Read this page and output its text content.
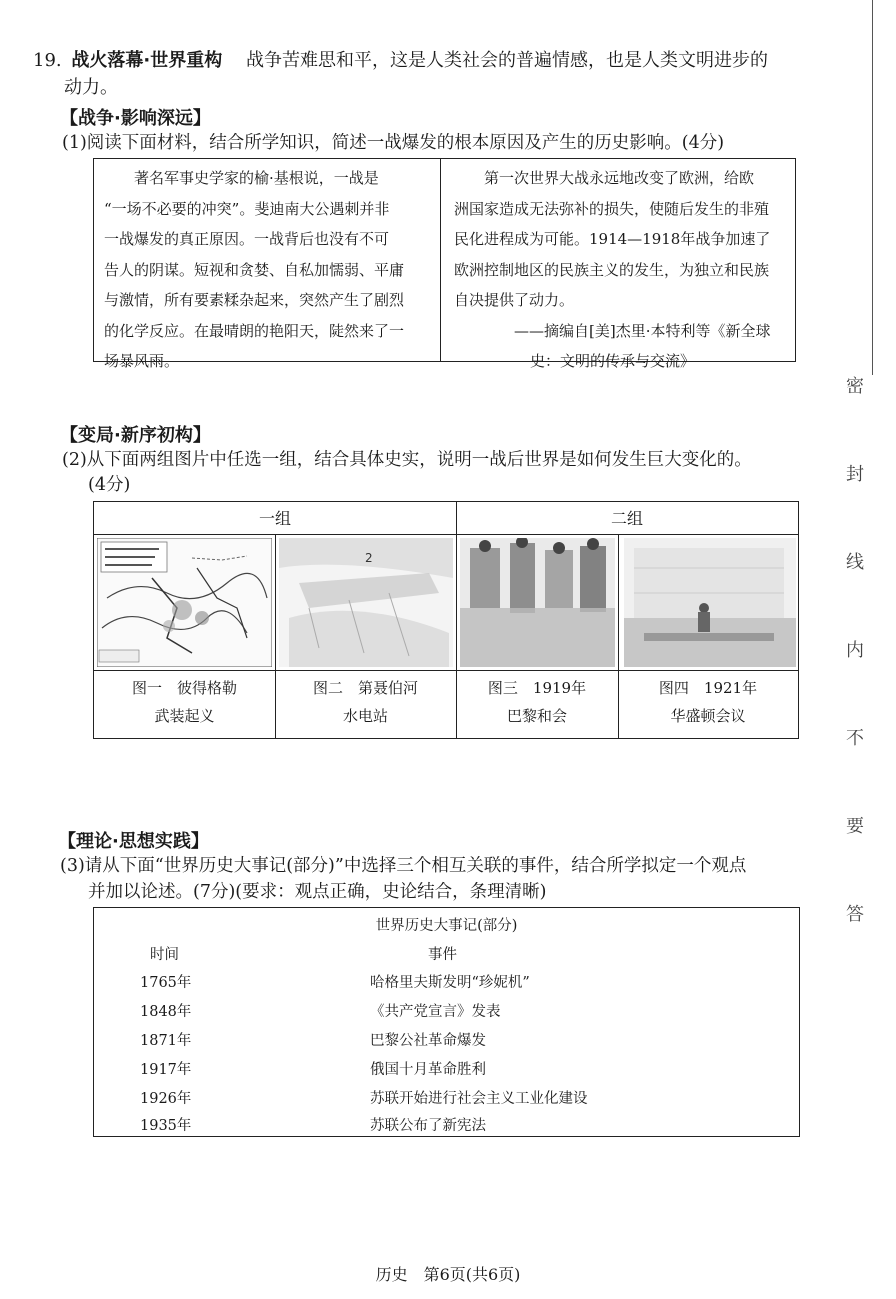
密
封
线
内
不
要
答
19. 战火落幕·世界重构 战争苦难思和平，这是人类社会的普遍情感，也是人类文明进步的
动力。
【战争·影响深远】
(1)阅读下面材料，结合所学知识，简述一战爆发的根本原因及产生的历史影响。(4分)
著名军事史学家的榆·基根说，一战是
“一场不必要的冲突”。斐迪南大公遇刺并非
一战爆发的真正原因。一战背后也没有不可
告人的阴谋。短视和贪婪、自私加懦弱、平庸
与激情，所有要素糅杂起来，突然产生了剧烈
的化学反应。在最晴朗的艳阳天，陡然来了一
场暴风雨。
第一次世界大战永远地改变了欧洲，给欧
洲国家造成无法弥补的损失，使随后发生的非殖
民化进程成为可能。1914—1918年战争加速了
欧洲控制地区的民族主义的发生，为独立和民族
自决提供了动力。
——摘编自[美]杰里·本特利等《新全球
史：文明的传承与交流》
【变局·新序初构】
(2)从下面两组图片中任选一组，结合具体史实，说明一战后世界是如何发生巨大变化的。
(4分)
一组	二组
2
图一　彼得格勒
武装起义
图二　第聂伯河
水电站
图三　1919年
巴黎和会
图四　1921年
华盛顿会议
【理论·思想实践】
(3)请从下面“世界历史大事记(部分)”中选择三个相互关联的事件，结合所学拟定一个观点
并加以论述。(7分)(要求：观点正确，史论结合，条理清晰)
世界历史大事记(部分)
时间	事件
1765年	哈格里夫斯发明“珍妮机”
1848年	《共产党宣言》发表
1871年	巴黎公社革命爆发
1917年	俄国十月革命胜利
1926年	苏联开始进行社会主义工业化建设
1935年	苏联公布了新宪法
历史　第6页(共6页)
